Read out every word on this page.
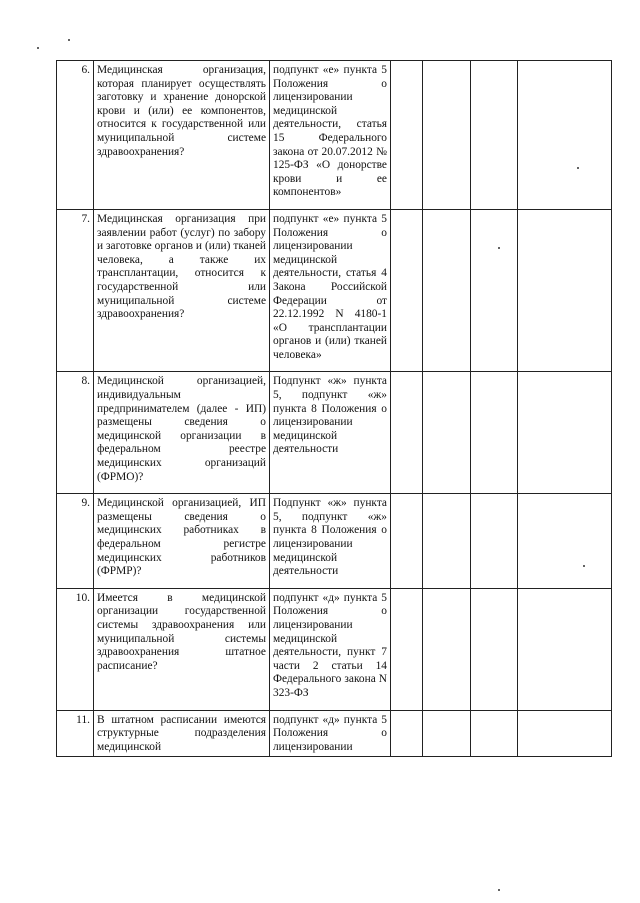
6.	Медицинская организация, которая планирует осуществлять заготовку и хранение донорской крови и (или) ее компонентов, относится к государственной или муниципальной системе здравоохранения?	подпункт «е» пункта 5 Положения о лицензировании медицинской деятельности, статья 15 Федерального закона от 20.07.2012 № 125-ФЗ «О донорстве крови и ее компонентов»				
7.	Медицинская организация при заявлении работ (услуг) по забору и заготовке органов и (или) тканей человека, а также их трансплантации, относится к государственной или муниципальной системе здравоохранения?	подпункт «е» пункта 5 Положения о лицензировании медицинской деятельности, статья 4 Закона Российской Федерации от 22.12.1992 N 4180-1 «О трансплантации органов и (или) тканей человека»				
8.	Медицинской организацией, индивидуальным предпринимателем (далее - ИП) размещены сведения о медицинской организации в федеральном реестре медицинских организаций (ФРМО)?	Подпункт «ж» пункта 5, подпункт «ж» пункта 8 Положения о лицензировании медицинской деятельности				
9.	Медицинской организацией, ИП размещены сведения о медицинских работниках в федеральном регистре медицинских работников (ФРМР)?	Подпункт «ж» пункта 5, подпункт «ж» пункта 8 Положения о лицензировании медицинской деятельности				
10.	Имеется в медицинской организации государственной системы здравоохранения или муниципальной системы здравоохранения штатное расписание?	подпункт «д» пункта 5 Положения о лицензировании медицинской деятельности, пункт 7 части 2 статьи 14 Федерального закона N 323-ФЗ				
11.	В штатном расписании имеются структурные подразделения медицинской	подпункт «д» пункта 5 Положения о лицензировании				
